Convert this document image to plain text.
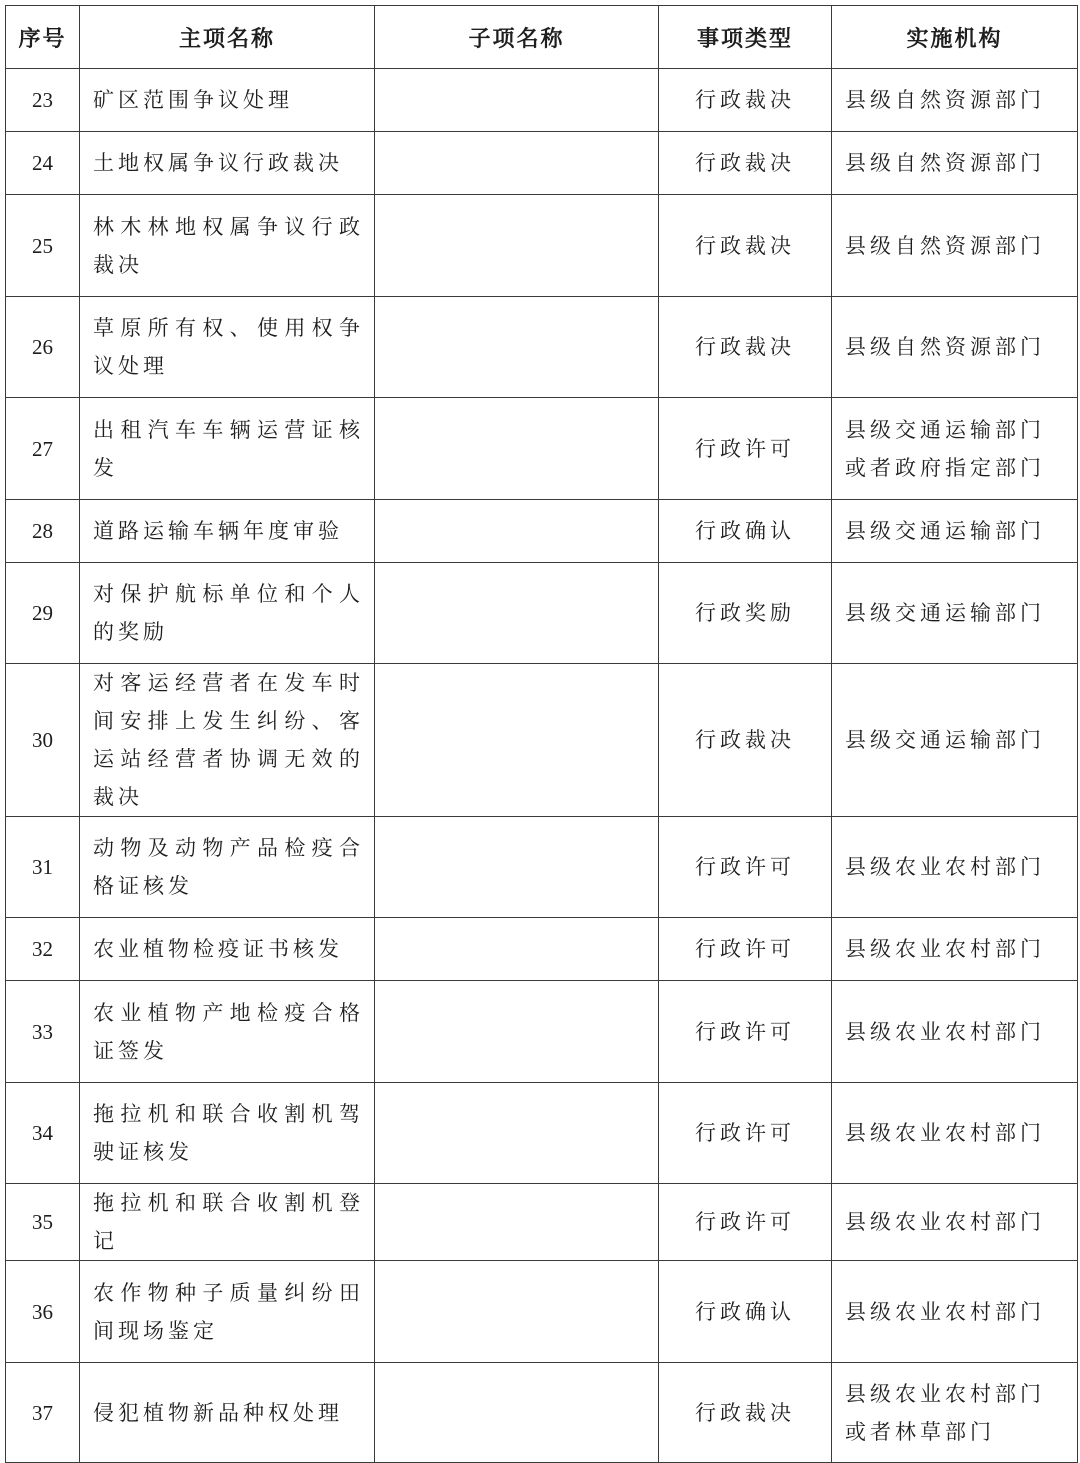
序号	主项名称	子项名称	事项类型	实施机构
23	矿区范围争议处理		行政裁决	县级自然资源部门
24	土地权属争议行政裁决		行政裁决	县级自然资源部门
25	林木林地权属争议行政裁决		行政裁决	县级自然资源部门
26	草原所有权、使用权争议处理		行政裁决	县级自然资源部门
27	出租汽车车辆运营证核发		行政许可	县级交通运输部门或者政府指定部门
28	道路运输车辆年度审验		行政确认	县级交通运输部门
29	对保护航标单位和个人的奖励		行政奖励	县级交通运输部门
30	对客运经营者在发车时间安排上发生纠纷、客运站经营者协调无效的裁决		行政裁决	县级交通运输部门
31	动物及动物产品检疫合格证核发		行政许可	县级农业农村部门
32	农业植物检疫证书核发		行政许可	县级农业农村部门
33	农业植物产地检疫合格证签发		行政许可	县级农业农村部门
34	拖拉机和联合收割机驾驶证核发		行政许可	县级农业农村部门
35	拖拉机和联合收割机登记		行政许可	县级农业农村部门
36	农作物种子质量纠纷田间现场鉴定		行政确认	县级农业农村部门
37	侵犯植物新品种权处理		行政裁决	县级农业农村部门或者林草部门
